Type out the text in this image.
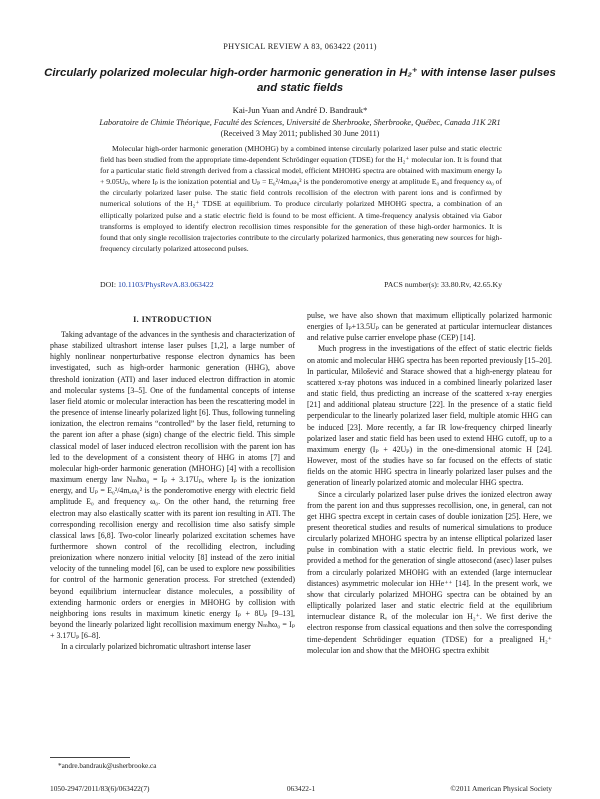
PHYSICAL REVIEW A 83, 063422 (2011)
Circularly polarized molecular high-order harmonic generation in H₂⁺ with intense laser pulses and static fields
Kai-Jun Yuan and André D. Bandrauk*
Laboratoire de Chimie Théorique, Faculté des Sciences, Université de Sherbrooke, Sherbrooke, Québec, Canada J1K 2R1
(Received 3 May 2011; published 30 June 2011)
Molecular high-order harmonic generation (MHOHG) by a combined intense circularly polarized laser pulse and static electric field has been studied from the appropriate time-dependent Schrödinger equation (TDSE) for the H₂⁺ molecular ion. It is found that for a particular static field strength derived from a classical model, efficient MHOHG spectra are obtained with maximum energy Iₚ + 9.05Uₚ, where Iₚ is the ionization potential and Uₚ = E₀²/4mₑω₀² is the ponderomotive energy at amplitude E₀ and frequency ω₀ of the circularly polarized laser pulse. The static field controls recollision of the electron with parent ions and is confirmed by numerical solutions of the H₂⁺ TDSE at equilibrium. To produce circularly polarized MHOHG spectra, a combination of an elliptically polarized pulse and a static electric field is found to be most efficient. A time-frequency analysis obtained via Gabor transforms is employed to identify electron recollision times responsible for the generation of these high-order harmonics. It is found that only single recollision trajectories contribute to the circularly polarized harmonics, thus generating new sources for high-frequency circularly polarized attosecond pulses.
DOI: 10.1103/PhysRevA.83.063422	PACS number(s): 33.80.Rv, 42.65.Ky
I. INTRODUCTION

Taking advantage of the advances in the synthesis and characterization of phase stabilized ultrashort intense laser pulses [1,2], a large number of highly nonlinear nonperturbative response electron dynamics has been investigated, such as high-order harmonic generation (HHG), above threshold ionization (ATI) and laser induced electron diffraction in atomic and molecular systems [3–5]. One of the fundamental concepts of intense laser field atomic or molecular interaction has been the rescattering model in the presence of intense linearly polarized light [6]. Thus, following tunneling ionization, the electron remains “controlled” by the laser field, returning to the parent ion after a phase (sign) change of the electric field. This simple classical model of laser induced electron recollision with the parent ion has led to the development of a consistent theory of HHG in atoms [7] and molecular high-order harmonic generation (MHOHG) [4] with a recollision maximum energy law Nₘħω₀ = Iₚ + 3.17Uₚ, where Iₚ is the ionization energy, and Uₚ = E₀²/4mₑω₀² is the ponderomotive energy with electric field amplitude E₀ and frequency ω₀. On the other hand, the returning free electron may also elastically scatter with its parent ion resulting in ATI. The corresponding recollision energy and recollision time also satisfy simple classical laws [6,8]. Two-color linearly polarized excitation schemes have furthermore shown control of the recolliding electron, including preionization where nonzero initial velocity [8] instead of the zero initial velocity of the tunneling model [6], can be used to explore new possibilities for control of the harmonic generation process. For stretched (extended) beyond equilibrium internuclear distance molecules, a possibility of extending harmonic orders or energies in MHOHG by collision with neighboring ions results in maximum kinetic energy Iₚ + 8Uₚ [9–13], beyond the linearly polarized light recollision maximum energy Nₘħω₀ = Iₚ + 3.17Uₚ [6–8].

In a circularly polarized bichromatic ultrashort intense laser

pulse, we have also shown that maximum elliptically polarized harmonic energies of Iₚ+13.5Uₚ can be generated at particular internuclear distances and relative pulse carrier envelope phase (CEP) [14].

Much progress in the investigations of the effect of static electric fields on atomic and molecular HHG spectra has been reported previously [15–20]. In particular, Milošević and Starace showed that a high-energy plateau for scattered x-ray photons was induced in a combined linearly polarized laser and static field, thus predicting an increase of the scattered x-ray energies [21] and additional plateau structure [22]. In the presence of a static field perpendicular to the linearly polarized laser field, multiple atomic HHG can be induced [23]. More recently, a far IR low-frequency chirped linearly polarized laser and static field has been used to extend HHG cutoff, up to a maximum energy (Iₚ + 42Uₚ) in the one-dimensional atomic H [24]. However, most of the studies have so far focused on the effects of static fields on the atomic HHG spectra in linearly polarized laser pulses and the generation of linearly polarized atomic and molecular HHG spectra.

Since a circularly polarized laser pulse drives the ionized electron away from the parent ion and thus suppresses recollision, one, in general, can not get HHG spectra except in certain cases of double ionization [25]. Here, we present theoretical studies and results of numerical simulations to produce circularly polarized MHOHG spectra by an intense elliptical polarized laser pulse in combination with a static electric field. In previous work, we provided a method for the generation of single attosecond (asec) laser pulses from a circularly polarized MHOHG with an extended (large internuclear distances) asymmetric molecular ion HHe⁺⁺ [14]. In the present work, we show that circularly polarized MHOHG spectra can be obtained by an elliptically polarized laser and static electric field at the equilibrium internuclear distance Rₑ of the molecular ion H₂⁺. We first derive the electron response from classical equations and then solve the corresponding time-dependent Schrödinger equation (TDSE) for a prealigned H₂⁺ molecular ion and show that the MHOHG spectra exhibit

*andre.bandrauk@usherbrooke.ca
1050-2947/2011/83(6)/063422(7)	063422-1	©2011 American Physical Society
